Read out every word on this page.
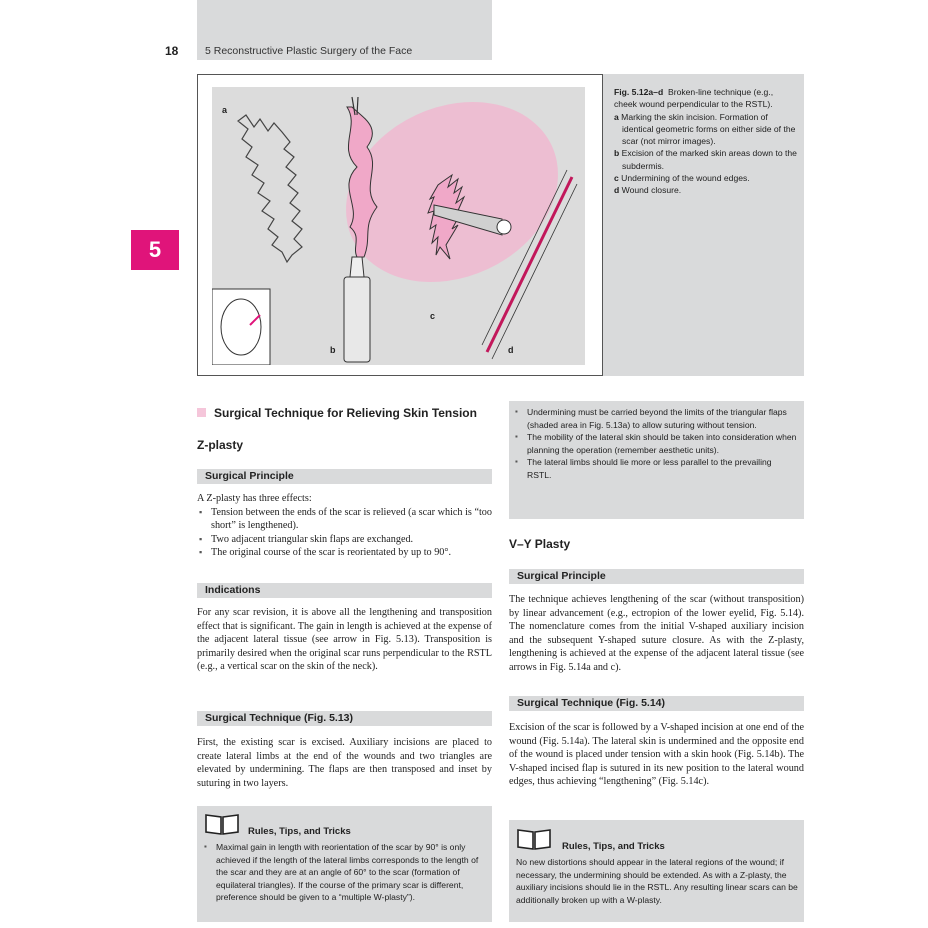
18	5 Reconstructive Plastic Surgery of the Face
5
a
b
c
d
Fig. 5.12a–d Broken-line technique (e.g., cheek wound perpendicular to the RSTL).
a Marking the skin incision. Formation of identical geometric forms on either side of the scar (not mirror images).
b Excision of the marked skin areas down to the subdermis.
c Undermining of the wound edges.
d Wound closure.
Surgical Technique for Relieving Skin Tension
Z-plasty
Surgical Principle
A Z-plasty has three effects:
▪ Tension between the ends of the scar is relieved (a scar which is “too short” is lengthened).
▪ Two adjacent triangular skin flaps are exchanged.
▪ The original course of the scar is reorientated by up to 90°.
Indications
For any scar revision, it is above all the lengthening and transposition effect that is significant. The gain in length is achieved at the expense of the adjacent lateral tissue (see arrow in Fig. 5.13). Transposition is primarily desired when the original scar runs perpendicular to the RSTL (e.g., a vertical scar on the skin of the neck).
Surgical Technique (Fig. 5.13)
First, the existing scar is excised. Auxiliary incisions are placed to create lateral limbs at the end of the wounds and two triangles are elevated by undermining. The flaps are then transposed and inset by suturing in two layers.
Rules, Tips, and Tricks
▪ Maximal gain in length with reorientation of the scar by 90° is only achieved if the length of the lateral limbs corresponds to the length of the scar and they are at an angle of 60° to the scar (formation of equilateral triangles). If the course of the primary scar is different, preference should be given to a “multiple W-plasty”).
▪ Undermining must be carried beyond the limits of the triangular flaps (shaded area in Fig. 5.13a) to allow suturing without tension.
▪ The mobility of the lateral skin should be taken into consideration when planning the operation (remember aesthetic units).
▪ The lateral limbs should lie more or less parallel to the prevailing RSTL.
V–Y Plasty
Surgical Principle
The technique achieves lengthening of the scar (without transposition) by linear advancement (e.g., ectropion of the lower eyelid, Fig. 5.14). The nomenclature comes from the initial V-shaped auxiliary incision and the subsequent Y-shaped suture closure. As with the Z-plasty, lengthening is achieved at the expense of the adjacent lateral tissue (see arrows in Fig. 5.14a and c).
Surgical Technique (Fig. 5.14)
Excision of the scar is followed by a V-shaped incision at one end of the wound (Fig. 5.14a). The lateral skin is undermined and the opposite end of the wound is placed under tension with a skin hook (Fig. 5.14b). The V-shaped incised flap is sutured in its new position to the lateral wound edges, thus achieving “lengthening” (Fig. 5.14c).
Rules, Tips, and Tricks
No new distortions should appear in the lateral regions of the wound; if necessary, the undermining should be extended. As with a Z-plasty, the auxiliary incisions should lie in the RSTL. Any resulting linear scars can be additionally broken up with a W-plasty.
